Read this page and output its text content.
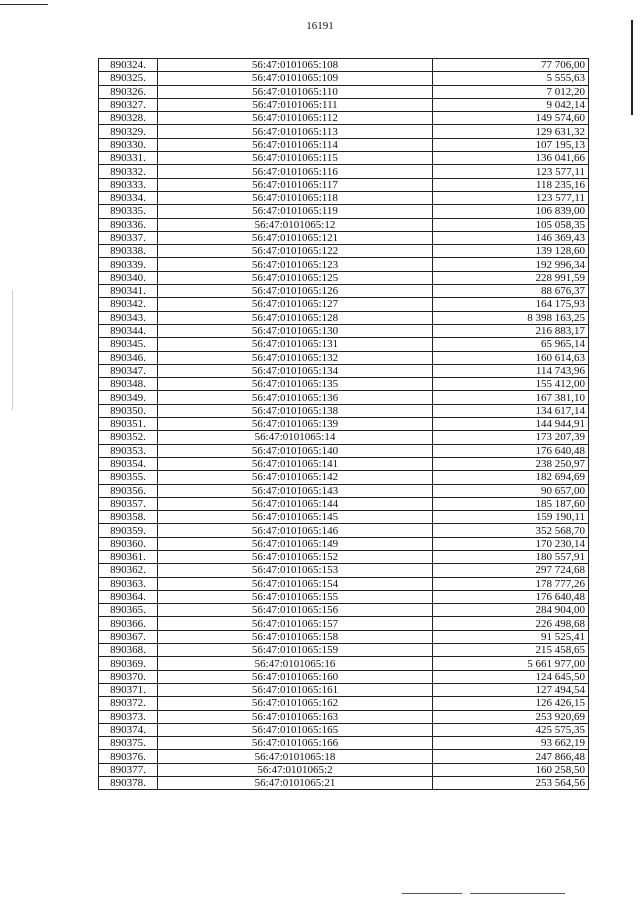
16191
890324.	56:47:0101065:108	77 706,00
890325.	56:47:0101065:109	5 555,63
890326.	56:47:0101065:110	7 012,20
890327.	56:47:0101065:111	9 042,14
890328.	56:47:0101065:112	149 574,60
890329.	56:47:0101065:113	129 631,32
890330.	56:47:0101065:114	107 195,13
890331.	56:47:0101065:115	136 041,66
890332.	56:47:0101065:116	123 577,11
890333.	56:47:0101065:117	118 235,16
890334.	56:47:0101065:118	123 577,11
890335.	56:47:0101065:119	106 839,00
890336.	56:47:0101065:12	105 058,35
890337.	56:47:0101065:121	146 369,43
890338.	56:47:0101065:122	139 128,60
890339.	56:47:0101065:123	192 996,34
890340.	56:47:0101065:125	228 991,59
890341.	56:47:0101065:126	88 676,37
890342.	56:47:0101065:127	164 175,93
890343.	56:47:0101065:128	8 398 163,25
890344.	56:47:0101065:130	216 883,17
890345.	56:47:0101065:131	65 965,14
890346.	56:47:0101065:132	160 614,63
890347.	56:47:0101065:134	114 743,96
890348.	56:47:0101065:135	155 412,00
890349.	56:47:0101065:136	167 381,10
890350.	56:47:0101065:138	134 617,14
890351.	56:47:0101065:139	144 944,91
890352.	56:47:0101065:14	173 207,39
890353.	56:47:0101065:140	176 640,48
890354.	56:47:0101065:141	238 250,97
890355.	56:47:0101065:142	182 694,69
890356.	56:47:0101065:143	90 657,00
890357.	56:47:0101065:144	185 187,60
890358.	56:47:0101065:145	159 190,11
890359.	56:47:0101065:146	352 568,70
890360.	56:47:0101065:149	170 230,14
890361.	56:47:0101065:152	180 557,91
890362.	56:47:0101065:153	297 724,68
890363.	56:47:0101065:154	178 777,26
890364.	56:47:0101065:155	176 640,48
890365.	56:47:0101065:156	284 904,00
890366.	56:47:0101065:157	226 498,68
890367.	56:47:0101065:158	91 525,41
890368.	56:47:0101065:159	215 458,65
890369.	56:47:0101065:16	5 661 977,00
890370.	56:47:0101065:160	124 645,50
890371.	56:47:0101065:161	127 494,54
890372.	56:47:0101065:162	126 426,15
890373.	56:47:0101065:163	253 920,69
890374.	56:47:0101065:165	425 575,35
890375.	56:47:0101065:166	93 662,19
890376.	56:47:0101065:18	247 866,48
890377.	56:47:0101065:2	160 258,50
890378.	56:47:0101065:21	253 564,56
